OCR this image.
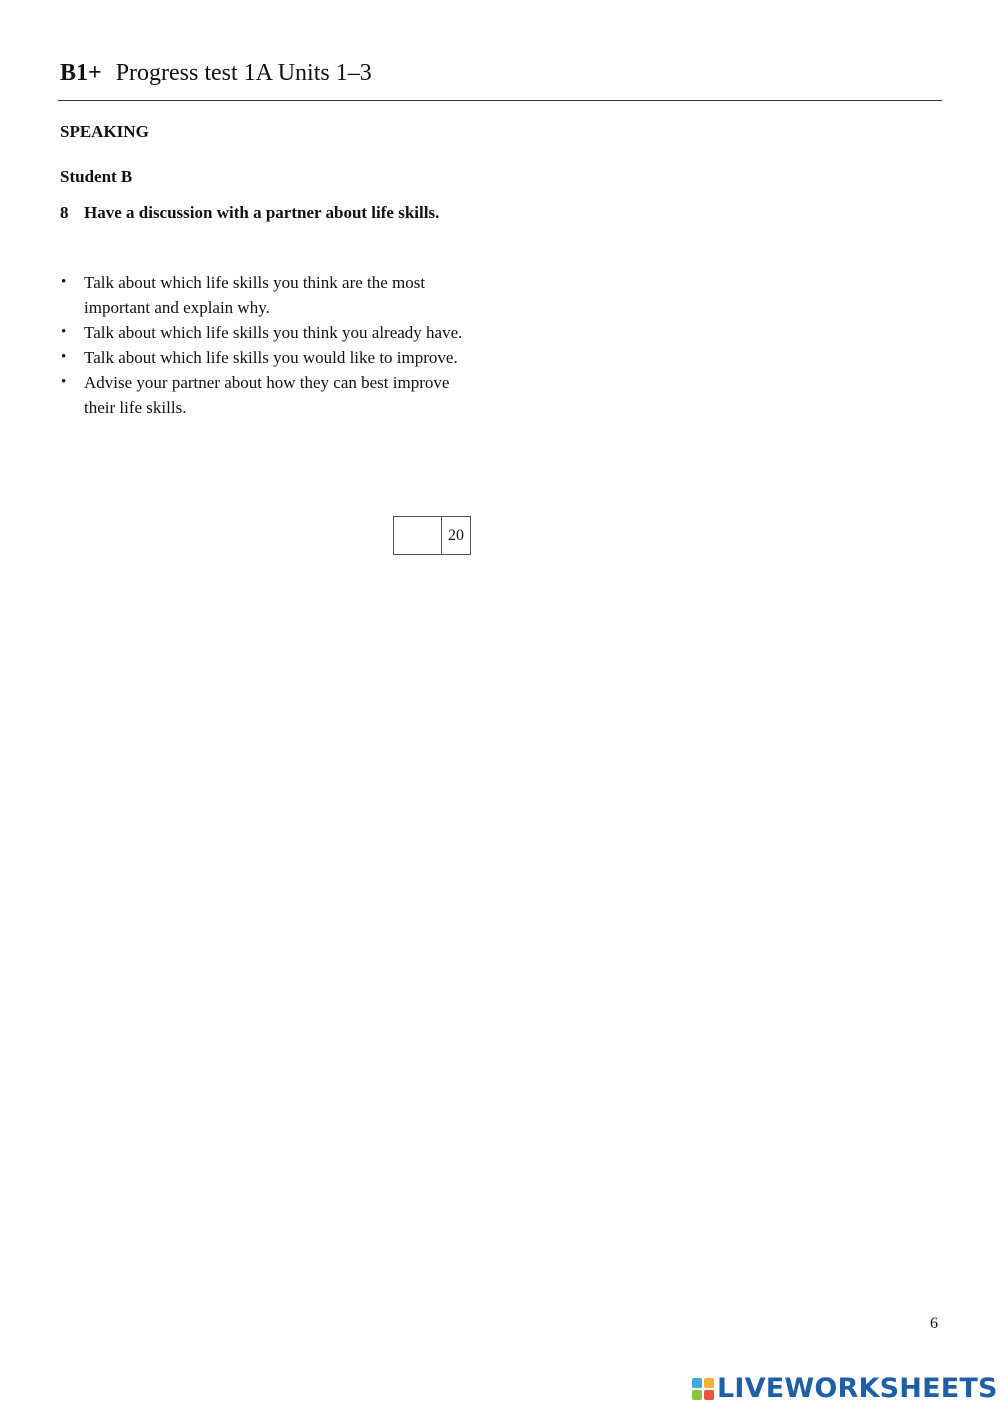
B1+ Progress test 1A Units 1–3
SPEAKING
Student B
8 Have a discussion with a partner about life skills.
• Talk about which life skills you think are the most important and explain why.
• Talk about which life skills you think you already have.
• Talk about which life skills you would like to improve.
• Advise your partner about how they can best improve their life skills.
20
6
LIVEWORKSHEETS
